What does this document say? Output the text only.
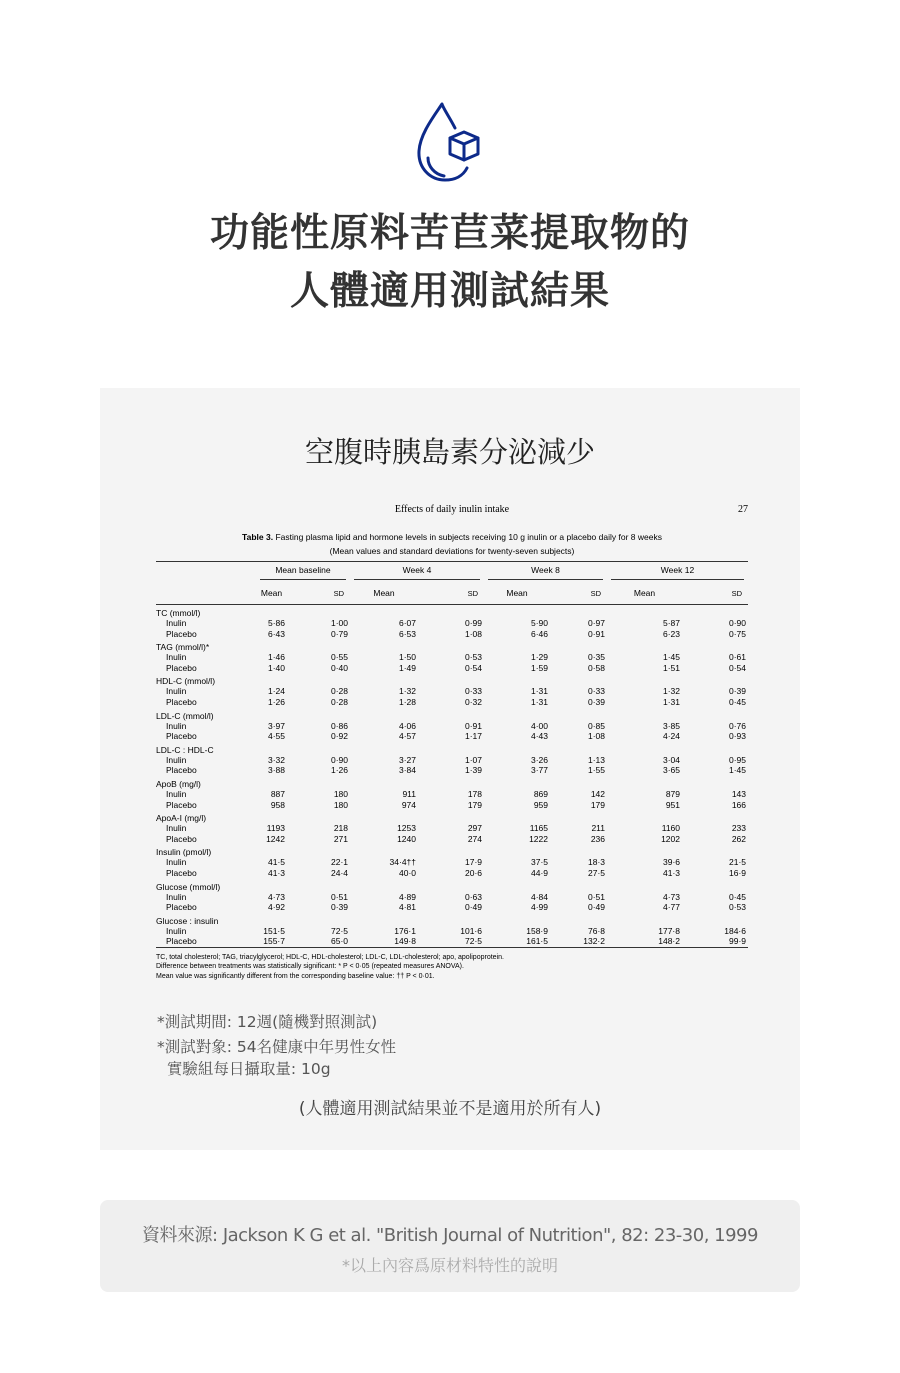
功能性原料苦苣菜提取物的
人體適用測試結果
空腹時胰島素分泌減少
Effects of daily inulin intake	27
Table 3. Fasting plasma lipid and hormone levels in subjects receiving 10 g inulin or a placebo daily for 8 weeks
(Mean values and standard deviations for twenty-seven subjects)

	Mean baseline		Week 4		Week 8		Week 12	

	Mean	SD	Mean	SD	Mean	SD	Mean	SD
TC (mmol/l)								
Inulin	5·86	1·00	6·07	0·99	5·90	0·97	5·87	0·90
Placebo	6·43	0·79	6·53	1·08	6·46	0·91	6·23	0·75
TAG (mmol/l)*								
Inulin	1·46	0·55	1·50	0·53	1·29	0·35	1·45	0·61
Placebo	1·40	0·40	1·49	0·54	1·59	0·58	1·51	0·54
HDL-C (mmol/l)								
Inulin	1·24	0·28	1·32	0·33	1·31	0·33	1·32	0·39
Placebo	1·26	0·28	1·28	0·32	1·31	0·39	1·31	0·45
LDL-C (mmol/l)								
Inulin	3·97	0·86	4·06	0·91	4·00	0·85	3·85	0·76
Placebo	4·55	0·92	4·57	1·17	4·43	1·08	4·24	0·93
LDL-C : HDL-C								
Inulin	3·32	0·90	3·27	1·07	3·26	1·13	3·04	0·95
Placebo	3·88	1·26	3·84	1·39	3·77	1·55	3·65	1·45
ApoB (mg/l)								
Inulin	887	180	911	178	869	142	879	143
Placebo	958	180	974	179	959	179	951	166
ApoA-I (mg/l)								
Inulin	1193	218	1253	297	1165	211	1160	233
Placebo	1242	271	1240	274	1222	236	1202	262
Insulin (pmol/l)								
Inulin	41·5	22·1	34·4††	17·9	37·5	18·3	39·6	21·5
Placebo	41·3	24·4	40·0	20·6	44·9	27·5	41·3	16·9
Glucose (mmol/l)								
Inulin	4·73	0·51	4·89	0·63	4·84	0·51	4·73	0·45
Placebo	4·92	0·39	4·81	0·49	4·99	0·49	4·77	0·53
Glucose : insulin								
Inulin	151·5	72·5	176·1	101·6	158·9	76·8	177·8	184·6
Placebo	155·7	65·0	149·8	72·5	161·5	132·2	148·2	99·9
TC, total cholesterol; TAG, triacylglycerol; HDL-C, HDL-cholesterol; LDL-C, LDL-cholesterol; apo, apolipoprotein.
Difference between treatments was statistically significant: * P < 0·05 (repeated measures ANOVA).
Mean value was significantly different from the corresponding baseline value: †† P < 0·01.
*測試期間: 12週(隨機對照測試)
*測試對象: 54名健康中年男性女性
實驗組每日攝取量: 10g
(人體適用測試結果並不是適用於所有人)
資料來源: Jackson K G et al. "British Journal of Nutrition", 82: 23-30, 1999
*以上內容爲原材料特性的說明
